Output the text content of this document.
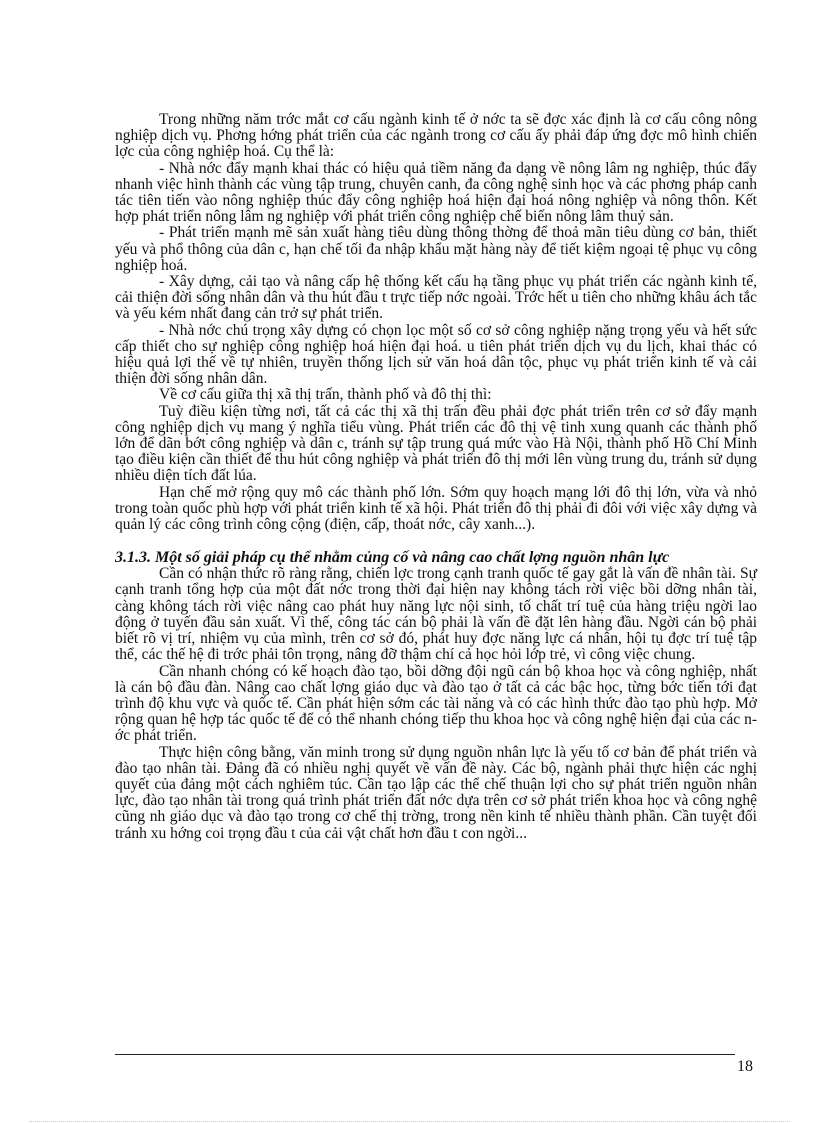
Trong những năm trớc mắt cơ cấu ngành kinh tế ở nớc ta sẽ đợc xác định là cơ cấu công nông nghiệp dịch vụ. Phơng hớng phát triển của các ngành trong cơ cấu ấy phải đáp ứng đợc mô hình chiến lợc của công nghiệp hoá. Cụ thể là:

- Nhà nớc đẩy mạnh khai thác có hiệu quả tiềm năng đa dạng về nông lâm ng nghiệp, thúc đẩy nhanh việc hình thành các vùng tập trung, chuyên canh, đa công nghệ sinh học và các phơng pháp canh tác tiên tiến vào nông nghiệp thúc đẩy công nghiệp hoá hiện đại hoá nông nghiệp và nông thôn. Kết hợp phát triển nông lâm ng nghiệp với phát triển công nghiệp chế biến nông lâm thuỷ sản.

- Phát triển mạnh mẽ sản xuất hàng tiêu dùng thông thờng để thoả mãn tiêu dùng cơ bản, thiết yếu và phổ thông của dân c, hạn chế tối đa nhập khẩu mặt hàng này để tiết kiệm ngoại tệ phục vụ công nghiệp hoá.

- Xây dựng, cải tạo và nâng cấp hệ thống kết cấu hạ tầng phục vụ phát triển các ngành kinh tế, cải thiện đời sống nhân dân và thu hút đầu t trực tiếp nớc ngoài. Trớc hết u tiên cho những khâu ách tắc và yếu kém nhất đang cản trở sự phát triển.

- Nhà nớc chú trọng xây dựng có chọn lọc một số cơ sở công nghiệp nặng trọng yếu và hết sức cấp thiết cho sự nghiệp công nghiệp hoá hiện đại hoá. u tiên phát triển dịch vụ du lịch, khai thác có hiệu quả lợi thế về tự nhiên, truyền thống lịch sử văn hoá dân tộc, phục vụ phát triển kinh tế và cải thiện đời sống nhân dân.

Về cơ cấu giữa thị xã thị trấn, thành phố và đô thị thì:

Tuỳ điều kiện từng nơi, tất cả các thị xã thị trấn đều phải đợc phát triển trên cơ sở đẩy mạnh công nghiệp dịch vụ mang ý nghĩa tiểu vùng. Phát triển các đô thị vệ tinh xung quanh các thành phố lớn để dãn bớt công nghiệp và dân c, tránh sự tập trung quá mức vào Hà Nội, thành phố Hồ Chí Minh tạo điều kiện cần thiết để thu hút công nghiệp và phát triển đô thị mới lên vùng trung du, tránh sử dụng nhiều diện tích đất lúa.

Hạn chế mở rộng quy mô các thành phố lớn. Sớm quy hoạch mạng lới đô thị lớn, vừa và nhỏ trong toàn quốc phù hợp với phát triển kinh tế xã hội. Phát triển đô thị phải đi đôi với việc xây dựng và quản lý các công trình công cộng (điện, cấp, thoát nớc, cây xanh...).

3.1.3. Một số giải pháp cụ thể nhằm củng cố và nâng cao chất lợng nguồn nhân lực

Cần có nhận thức rõ ràng rằng, chiến lợc trong cạnh tranh quốc tế gay gắt là vấn đề nhân tài. Sự cạnh tranh tổng hợp của một đất nớc trong thời đại hiện nay không tách rời việc bồi dỡng nhân tài, càng không tách rời việc nâng cao phát huy năng lực nội sinh, tố chất trí tuệ của hàng triệu ngời lao động ở tuyến đầu sản xuất. Vì thế, công tác cán bộ phải là vấn đề đặt lên hàng đầu. Ngời cán bộ phải biết rõ vị trí, nhiệm vụ của mình, trên cơ sở đó, phát huy đợc năng lực cá nhân, hội tụ đợc trí tuệ tập thể, các thế hệ đi trớc phải tôn trọng, nâng đỡ thậm chí cả học hỏi lớp trẻ, vì công việc chung.

Cần nhanh chóng có kế hoạch đào tạo, bồi dỡng đội ngũ cán bộ khoa học và công nghiệp, nhất là cán bộ đầu đàn. Nâng cao chất lợng giáo dục và đào tạo ở tất cả các bậc học, từng bớc tiến tới đạt trình độ khu vực và quốc tế. Cần phát hiện sớm các tài năng và có các hình thức đào tạo phù hợp. Mở rộng quan hệ hợp tác quốc tế để có thể nhanh chóng tiếp thu khoa học và công nghệ hiện đại của các nớc phát triển.

Thực hiện công bằng, văn minh trong sử dụng nguồn nhân lực là yếu tố cơ bản để phát triển và đào tạo nhân tài. Đảng đã có nhiều nghị quyết về vấn đề này. Các bộ, ngành phải thực hiện các nghị quyết của đảng một cách nghiêm túc. Cần tạo lập các thể chế thuận lợi cho sự phát triển nguồn nhân lực, đào tạo nhân tài trong quá trình phát triển đất nớc dựa trên cơ sở phát triển khoa học và công nghệ cũng nh giáo dục và đào tạo trong cơ chế thị trờng, trong nền kinh tế nhiều thành phần. Cần tuyệt đối tránh xu hớng coi trọng đầu t của cải vật chất hơn đầu t con ngời...

18
